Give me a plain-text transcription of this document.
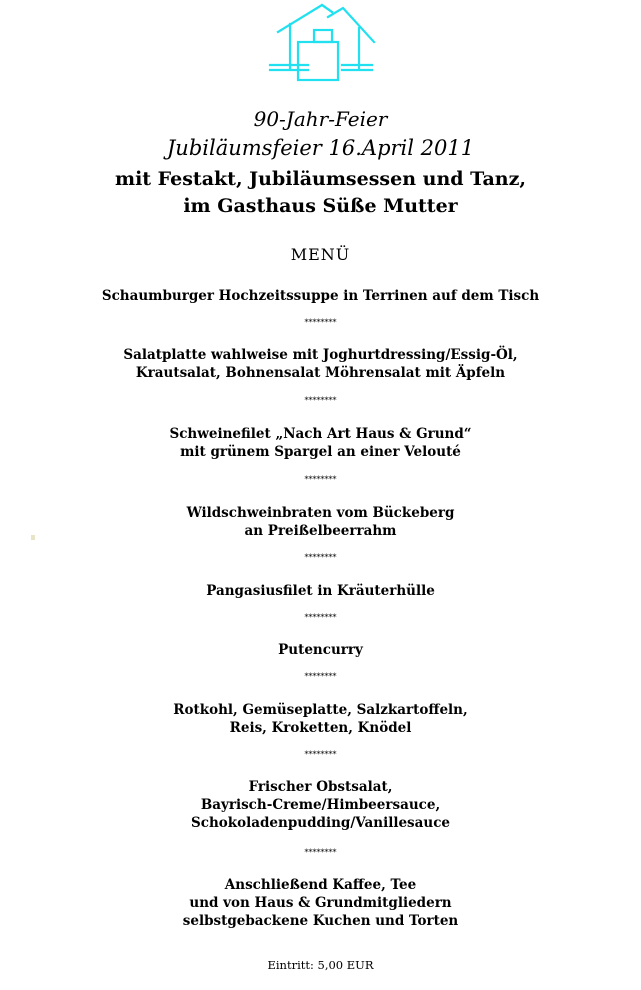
90-Jahr-Feier
Jubiläumsfeier 16.April 2011
mit Festakt, Jubiläumsessen und Tanz,
im Gasthaus Süße Mutter
MENÜ
Schaumburger Hochzeitssuppe in Terrinen auf dem Tisch
********
Salatplatte wahlweise mit Joghurtdressing/Essig-Öl,
Krautsalat, Bohnensalat Möhrensalat mit Äpfeln
********
Schweinefilet „Nach Art Haus & Grund“
mit grünem Spargel an einer Velouté
********
Wildschweinbraten vom Bückeberg
an Preißelbeerrahm
********
Pangasiusfilet in Kräuterhülle
********
Putencurry
********
Rotkohl, Gemüseplatte, Salzkartoffeln,
Reis, Kroketten, Knödel
********
Frischer Obstsalat,
Bayrisch-Creme/Himbeersauce,
Schokoladenpudding/Vanillesauce
********
Anschließend Kaffee, Tee
und von Haus & Grundmitgliedern
selbstgebackene Kuchen und Torten
Eintritt: 5,00 EUR
